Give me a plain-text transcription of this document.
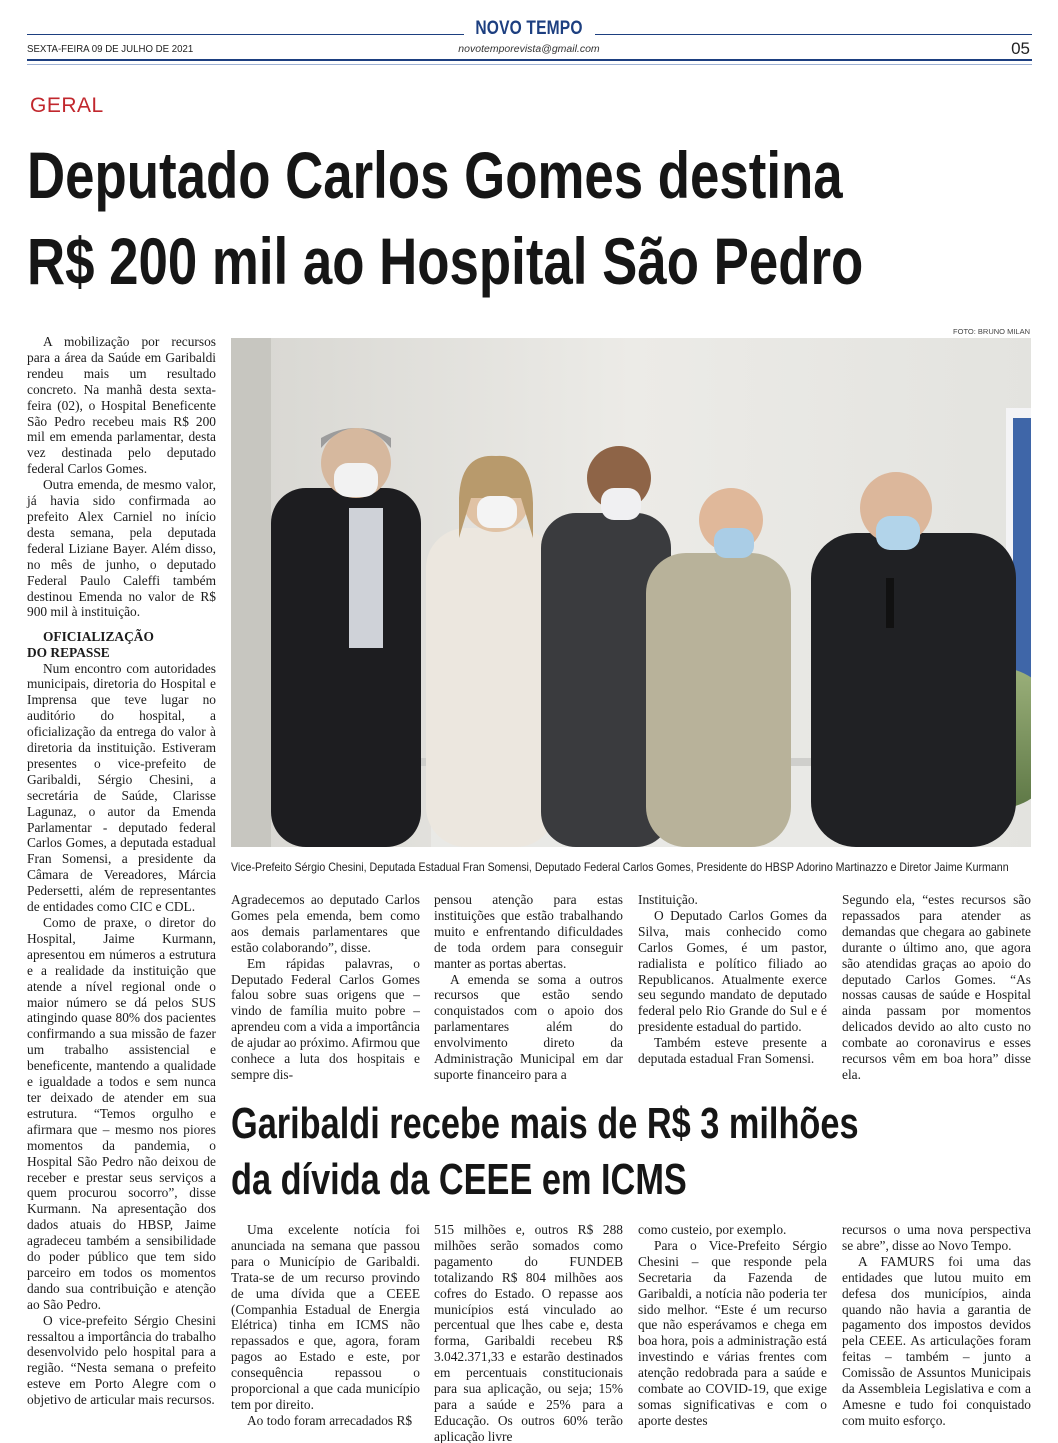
NOVO TEMPO
SEXTA-FEIRA 09 DE JULHO DE 2021	novotemporevista@gmail.com	05
GERAL
Deputado Carlos Gomes destina
R$ 200 mil ao Hospital São Pedro
FOTO: BRUNO MILAN

A mobilização por recursos para a área da Saúde em Garibaldi rendeu mais um resultado concreto. Na manhã desta sexta-feira (02), o Hospital Beneficente São Pedro recebeu mais R$ 200 mil em emenda parlamentar, desta vez destinada pelo deputado federal Carlos Gomes.

Outra emenda, de mesmo valor, já havia sido confirmada ao prefeito Alex Carniel no início desta semana, pela deputada federal Liziane Bayer. Além disso, no mês de junho, o deputado Federal Paulo Caleffi também destinou Emenda no valor de R$ 900 mil à instituição.

OFICIALIZAÇÃO
DO REPASSE

Num encontro com autoridades municipais, diretoria do Hospital e Imprensa que teve lugar no auditório do hospital, a oficialização da entrega do valor à diretoria da instituição. Estiveram presentes o vice-prefeito de Garibaldi, Sérgio Chesini, a secretária de Saúde, Clarisse Lagunaz, o autor da Emenda Parlamentar - deputado federal Carlos Gomes, a deputada estadual Fran Somensi, a presidente da Câmara de Vereadores, Márcia Pedersetti, além de representantes de entidades como CIC e CDL.

Como de praxe, o diretor do Hospital, Jaime Kurmann, apresentou em números a estrutura e a realidade da instituição que atende a nível regional onde o maior número se dá pelos SUS atingindo quase 80% dos pacientes confirmando a sua missão de fazer um trabalho assistencial e beneficente, mantendo a qualidade e igualdade a todos e sem nunca ter deixado de atender em sua estrutura. “Temos orgulho e afirmara que – mesmo nos piores momentos da pandemia, o Hospital São Pedro não deixou de receber e prestar seus serviços a quem procurou socorro”, disse Kurmann. Na apresentação dos dados atuais do HBSP, Jaime agradeceu também a sensibilidade do poder público que tem sido parceiro em todos os momentos dando sua contribuição e atenção ao São Pedro.

O vice-prefeito Sérgio Chesini ressaltou a importância do trabalho desenvolvido pelo hospital para a região. “Nesta semana o prefeito esteve em Porto Alegre com o objetivo de articular mais recursos.

Vice-Prefeito Sérgio Chesini, Deputada Estadual Fran Somensi, Deputado Federal Carlos Gomes, Presidente do HBSP Adorino Martinazzo e Diretor Jaime Kurmann

Agradecemos ao deputado Carlos Gomes pela emenda, bem como aos demais parlamentares que estão colaborando”, disse.

Em rápidas palavras, o Deputado Federal Carlos Gomes falou sobre suas origens que – vindo de família muito pobre – aprendeu com a vida a importância de ajudar ao próximo. Afirmou que conhece a luta dos hospitais e sempre dis-

pensou atenção para estas instituições que estão trabalhando muito e enfrentando dificuldades de toda ordem para conseguir manter as portas abertas.

A emenda se soma a outros recursos que estão sendo conquistados com o apoio dos parlamentares além do envolvimento direto da Administração Municipal em dar suporte financeiro para a

Instituição.

O Deputado Carlos Gomes da Silva, mais conhecido como Carlos Gomes, é um pastor, radialista e político filiado ao Republicanos. Atualmente exerce seu segundo mandato de deputado federal pelo Rio Grande do Sul e é presidente estadual do partido.

Também esteve presente a deputada estadual Fran Somensi.

Segundo ela, “estes recursos são repassados para atender as demandas que chegara ao gabinete durante o último ano, que agora são atendidas graças ao apoio do deputado Carlos Gomes. “As nossas causas de saúde e Hospital ainda passam por momentos delicados devido ao alto custo no combate ao coronavirus e esses recursos vêm em boa hora” disse ela.

Garibaldi recebe mais de R$ 3 milhões
da dívida da CEEE em ICMS

Uma excelente notícia foi anunciada na semana que passou para o Município de Garibaldi. Trata-se de um recurso provindo de uma dívida que a CEEE (Companhia Estadual de Energia Elétrica) tinha em ICMS não repassados e que, agora, foram pagos ao Estado e este, por consequência repassou o proporcional a que cada município tem por direito.

Ao todo foram arrecadados R$

515 milhões e, outros R$ 288 milhões serão somados como pagamento do FUNDEB totalizando R$ 804 milhões aos cofres do Estado. O repasse aos municípios está vinculado ao percentual que lhes cabe e, desta forma, Garibaldi recebeu R$ 3.042.371,33 e estarão destinados em percentuais constitucionais para sua aplicação, ou seja; 15% para a saúde e 25% para a Educação. Os outros 60% terão aplicação livre

como custeio, por exemplo.

Para o Vice-Prefeito Sérgio Chesini – que responde pela Secretaria da Fazenda de Garibaldi, a notícia não poderia ter sido melhor. “Este é um recurso que não esperávamos e chega em boa hora, pois a administração está investindo e várias frentes com atenção redobrada para a saúde e combate ao COVID-19, que exige somas significativas e com o aporte destes

recursos o uma nova perspectiva se abre”, disse ao Novo Tempo.

A FAMURS foi uma das entidades que lutou muito em defesa dos municípios, ainda quando não havia a garantia de pagamento dos impostos devidos pela CEEE. As articulações foram feitas – também – junto a Comissão de Assuntos Municipais da Assembleia Legislativa e com a Amesne e tudo foi conquistado com muito esforço.
